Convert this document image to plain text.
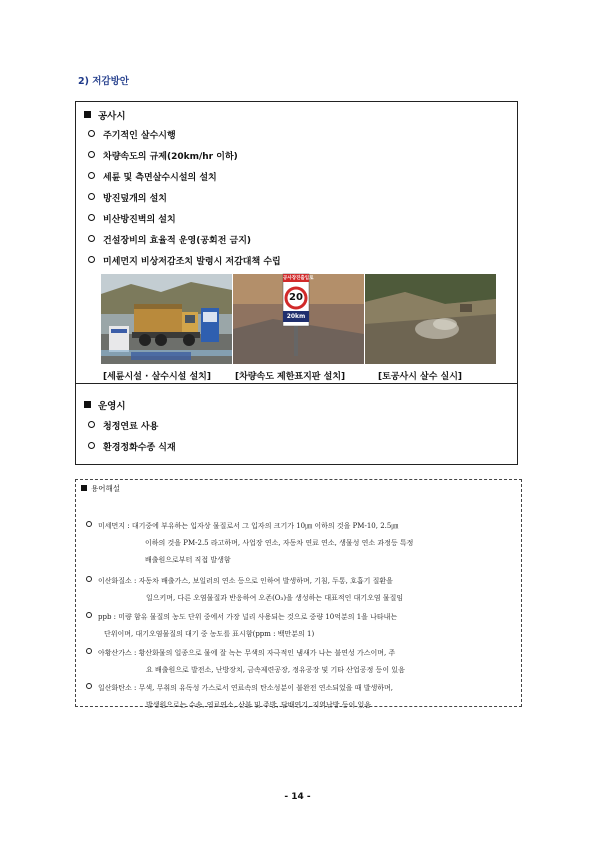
2) 저감방안
공사시
주기적인 살수시행
차량속도의 규제(20km/hr 이하)
세륜 및 측면살수시설의 설치
방진덮개의 설치
비산방진벽의 설치
건설장비의 효율적 운영(공회전 금지)
미세먼지 비상저감조치 발령시 저감대책 수립
공사장진출입로
20
20km
[세륜시설 · 살수시설 설치]	[차량속도 제한표지판 설치]	[토공사시 살수 실시]
운영시
청정연료 사용
환경정화수종 식재
용어해설
미세먼지 : 대기중에 부유하는 입자상 물질로서 그 입자의 크기가 10㎛ 이하의 것을 PM-10, 2.5㎛
이하의 것을 PM-2.5 라고하며, 사업장 연소, 자동차 연료 연소, 생물성 연소 과정등 특정
배출원으로부터 직접 발생함
이산화질소 : 자동차 배출가스, 보일러의 연소 등으로 인하여 발생하며, 기침, 두통, 호흡기 질환을
일으키며, 다른 오염물질과 반응하여 오존(O₃)을 생성하는 대표적인 대기오염 물질임
ppb : 미량 함유 물질의 농도 단위 중에서 가장 널리 사용되는 것으로 중량 10억분의 1을 나타내는
단위이며, 대기오염물질의 대기 중 농도를 표시함(ppm : 백만분의 1)
아황산가스 : 황산화물의 일종으로 물에 잘 녹는 무색의 자극적인 냄새가 나는 불연성 가스이며, 주
요 배출원으로 발전소, 난방장치, 금속제련공장, 정유공장 및 기타 산업공정 등이 있음
일산화탄소 : 무색, 무취의 유독성 가스로서 연료속의 탄소성분이 불완전 연소되었을 때 발생하며,
발생원으로는 수송, 연료연소, 산불 및 주방, 담배연기, 지역난방 등이 있음
- 14 -
